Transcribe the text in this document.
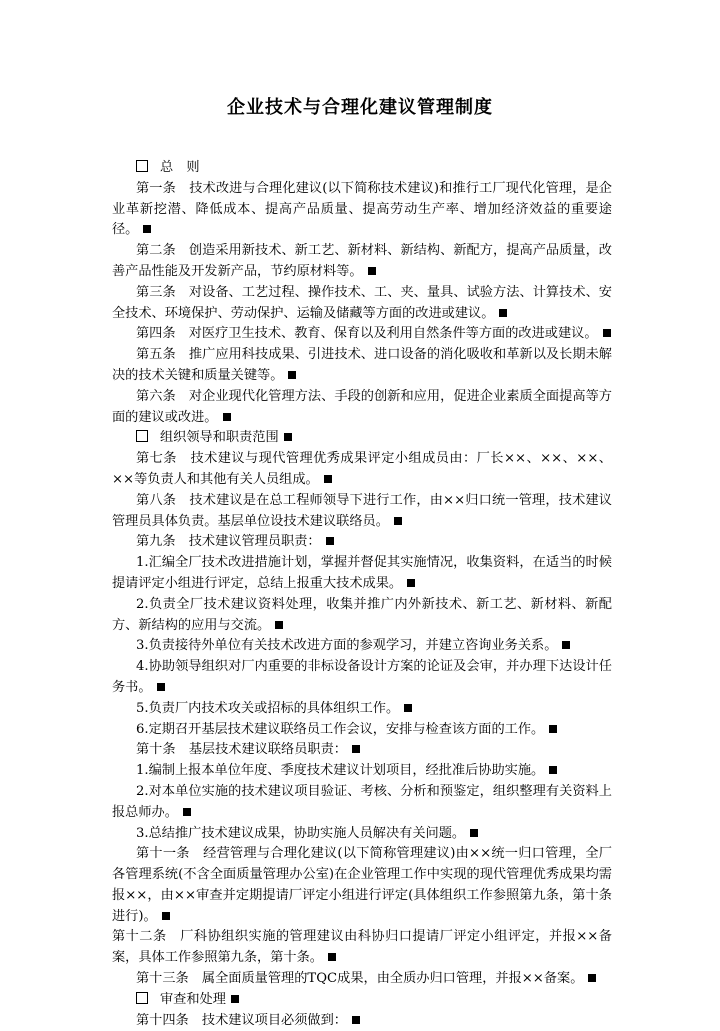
企业技术与合理化建议管理制度
总　则
第一条　技术改进与合理化建议(以下简称技术建议)和推行工厂现代化管理，是企业革新挖潜、降低成本、提高产品质量、提高劳动生产率、增加经济效益的重要途径。
第二条　创造采用新技术、新工艺、新材料、新结构、新配方，提高产品质量，改善产品性能及开发新产品，节约原材料等。
第三条　对设备、工艺过程、操作技术、工、夹、量具、试验方法、计算技术、安全技术、环境保护、劳动保护、运输及储藏等方面的改进或建议。
第四条　对医疗卫生技术、教育、保育以及利用自然条件等方面的改进或建议。
第五条　推广应用科技成果、引进技术、进口设备的消化吸收和革新以及长期未解决的技术关键和质量关键等。
第六条　对企业现代化管理方法、手段的创新和应用，促进企业素质全面提高等方面的建议或改进。
组织领导和职责范围
第七条　技术建议与现代管理优秀成果评定小组成员由：厂长××、××、××、××等负责人和其他有关人员组成。
第八条　技术建议是在总工程师领导下进行工作，由××归口统一管理，技术建议管理员具体负责。基层单位设技术建议联络员。
第九条　技术建议管理员职责：
1.汇编全厂技术改进措施计划，掌握并督促其实施情况，收集资料，在适当的时候提请评定小组进行评定，总结上报重大技术成果。
2.负责全厂技术建议资料处理，收集并推广内外新技术、新工艺、新材料、新配方、新结构的应用与交流。
3.负责接待外单位有关技术改进方面的参观学习，并建立咨询业务关系。
4.协助领导组织对厂内重要的非标设备设计方案的论证及会审，并办理下达设计任务书。
5.负责厂内技术攻关或招标的具体组织工作。
6.定期召开基层技术建议联络员工作会议，安排与检查该方面的工作。
第十条　基层技术建议联络员职责：
1.编制上报本单位年度、季度技术建议计划项目，经批准后协助实施。
2.对本单位实施的技术建议项目验证、考核、分析和预鉴定，组织整理有关资料上报总师办。
3.总结推广技术建议成果，协助实施人员解决有关问题。
第十一条　经营管理与合理化建议(以下简称管理建议)由××统一归口管理，全厂各管理系统(不含全面质量管理办公室)在企业管理工作中实现的现代管理优秀成果均需报××，由××审查并定期提请厂评定小组进行评定(具体组织工作参照第九条，第十条进行)。
第十二条　厂科协组织实施的管理建议由科协归口提请厂评定小组评定，并报××备案，具体工作参照第九条，第十条。
第十三条　属全面质量管理的TQC成果，由全质办归口管理，并报××备案。
审查和处理
第十四条　技术建议项目必须做到：
